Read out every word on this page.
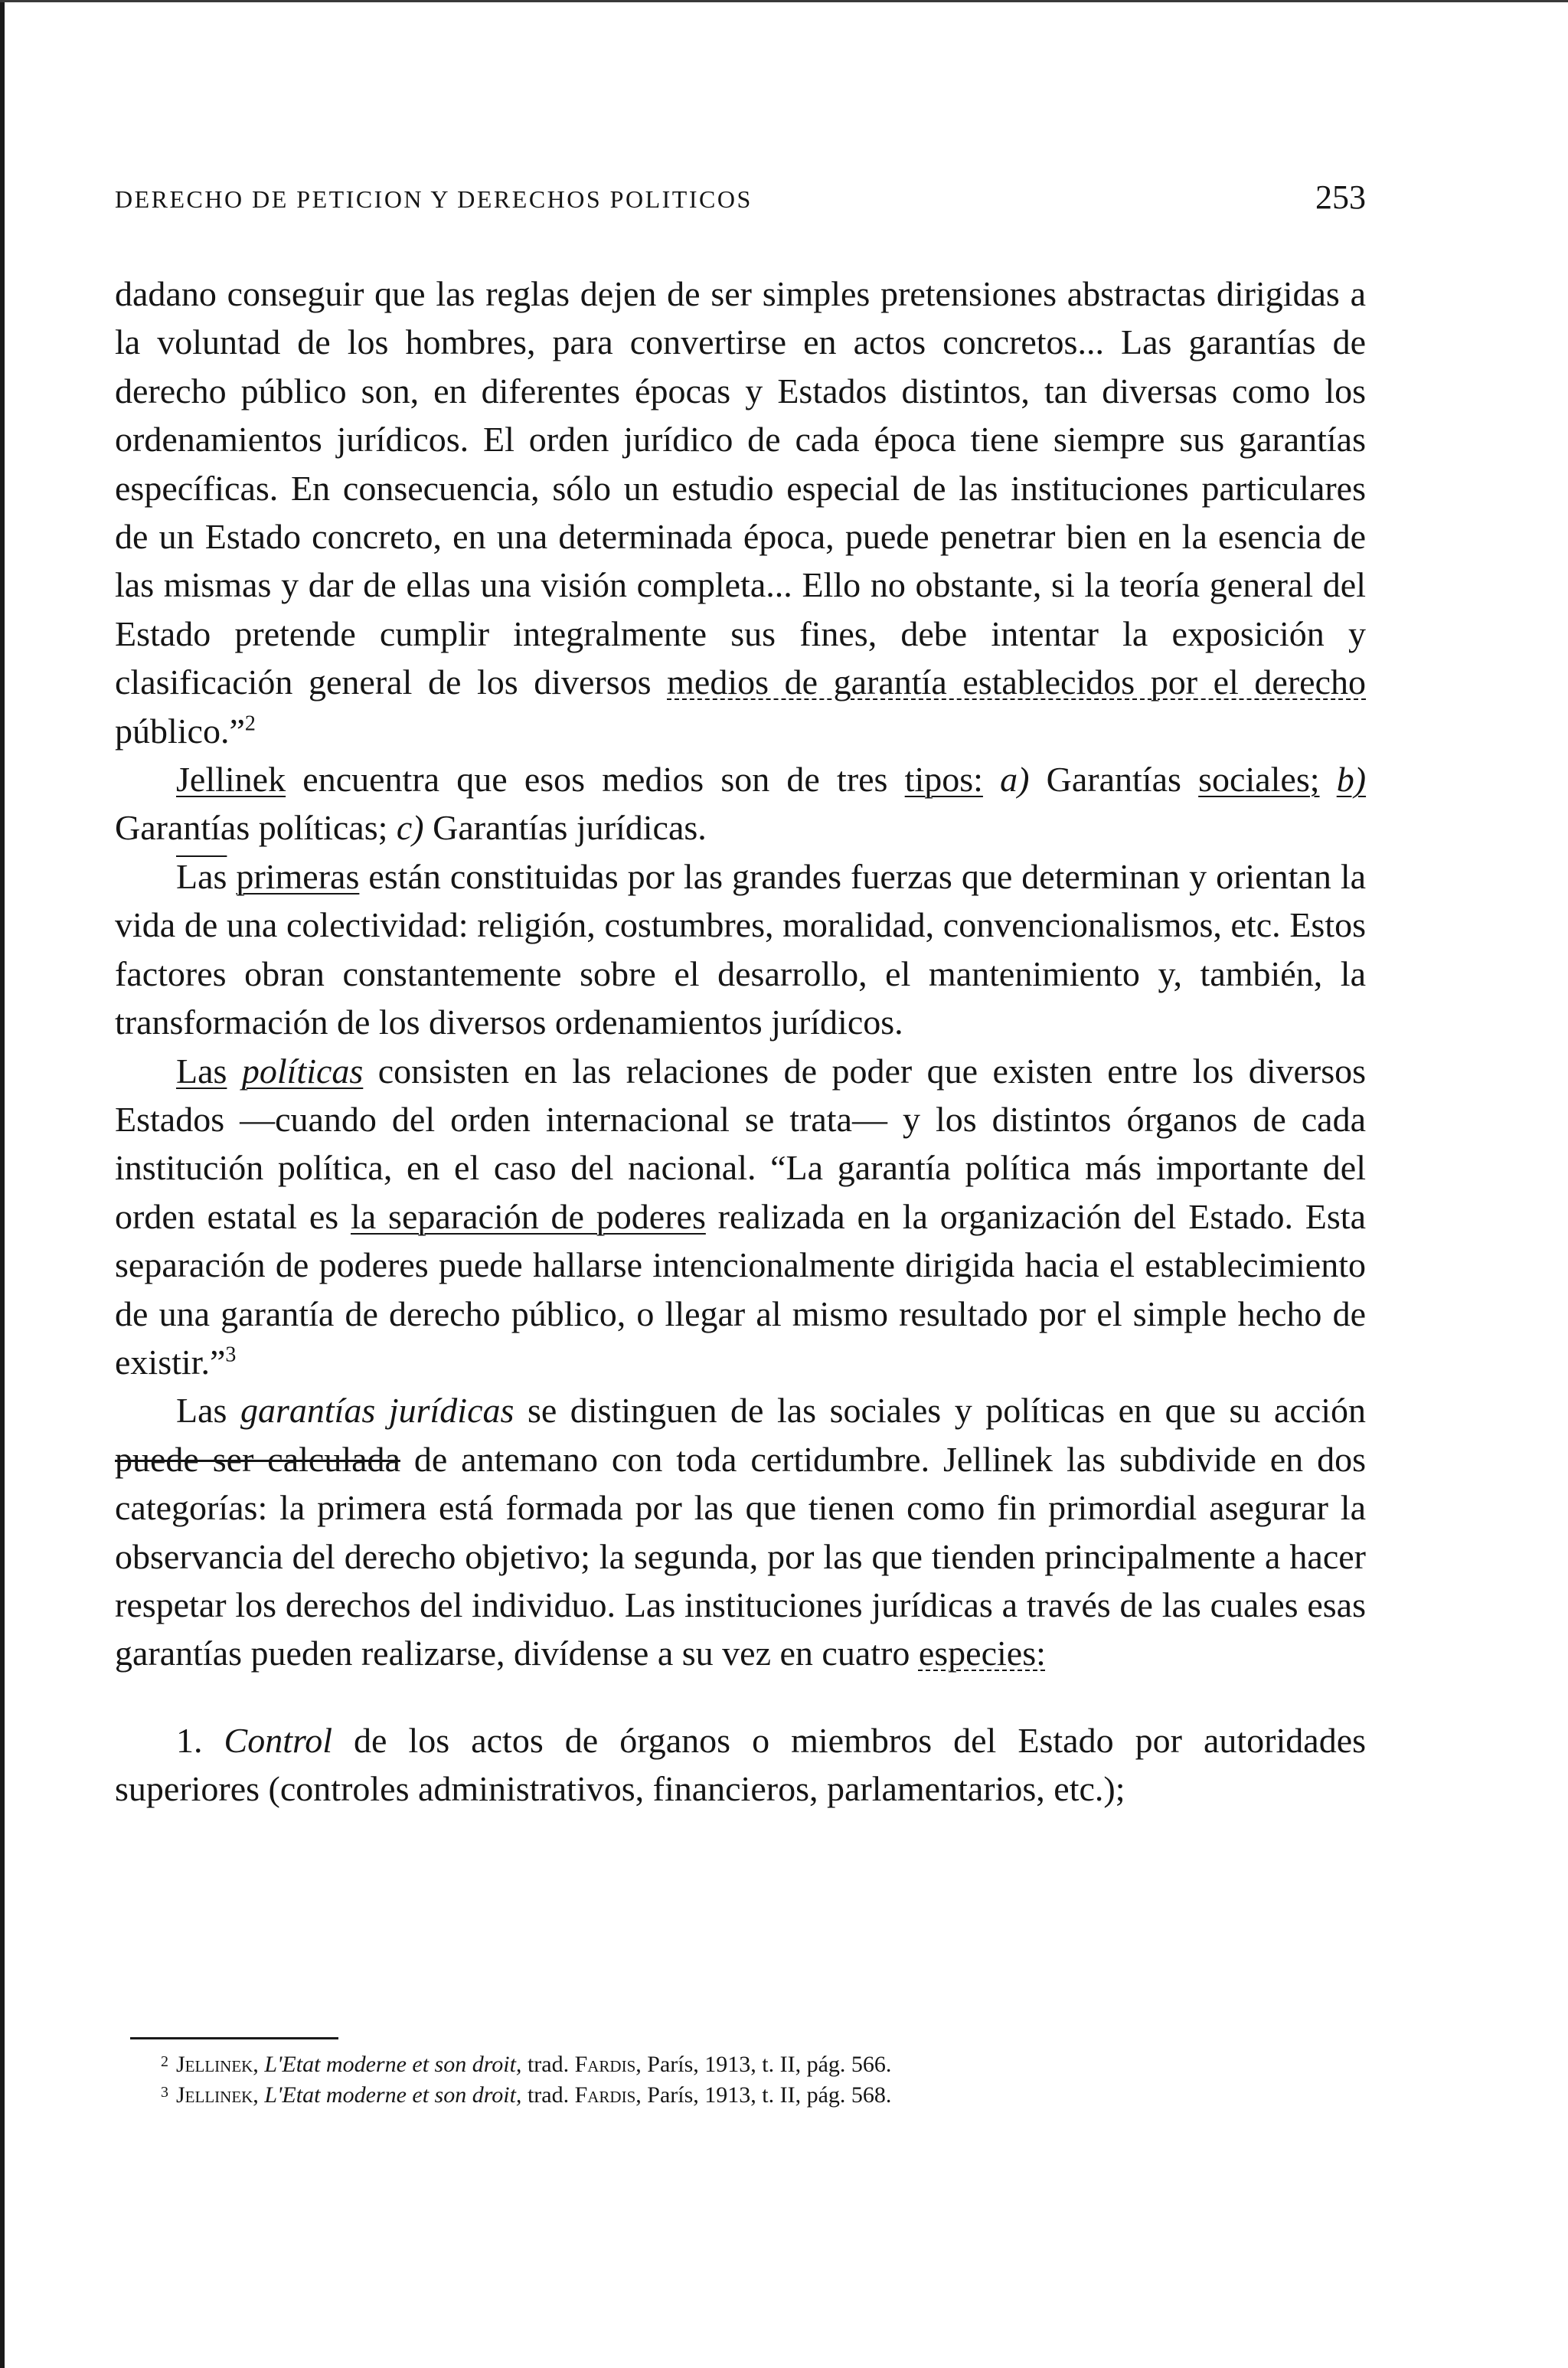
DERECHO DE PETICION Y DERECHOS POLITICOS	253

dadano conseguir que las reglas dejen de ser simples pretensiones abstractas dirigidas a la voluntad de los hombres, para convertirse en actos concretos... Las garantías de derecho público son, en diferentes épocas y Estados distintos, tan diversas como los ordenamientos jurídicos. El orden jurídico de cada época tiene siempre sus garantías específicas. En consecuencia, sólo un estudio especial de las instituciones particulares de un Estado concreto, en una determinada época, puede penetrar bien en la esencia de las mismas y dar de ellas una visión completa... Ello no obstante, si la teoría general del Estado pretende cumplir integralmente sus fines, debe intentar la exposición y clasificación general de los diversos medios de garantía establecidos por el derecho público.”$^2$

Jellinek encuentra que esos medios son de tres tipos: a) Garantías sociales; b) Garantías políticas; c) Garantías jurídicas.

$\overline{Las}$ primeras están constituidas por las grandes fuerzas que determinan y orientan la vida de una colectividad: religión, costumbres, moralidad, convencionalismos, etc. Estos factores obran constantemente sobre el desarrollo, el mantenimiento y, también, la transformación de los diversos ordenamientos jurídicos.

Las políticas consisten en las relaciones de poder que existen entre los diversos Estados —cuando del orden internacional se trata— y los distintos órganos de cada institución política, en el caso del nacional. “La garantía política más importante del orden estatal es la separación de poderes realizada en la organización del Estado. Esta separación de poderes puede hallarse intencionalmente dirigida hacia el establecimiento de una garantía de derecho público, o llegar al mismo resultado por el simple hecho de existir.”$^3$

Las garantías jurídicas se distinguen de las sociales y políticas en que su acción puede ser calculada de antemano con toda certidumbre. Jellinek las subdivide en dos categorías: la primera está formada por las que tienen como fin primordial asegurar la observancia del derecho objetivo; la segunda, por las que tienden principalmente a hacer respetar los derechos del individuo. Las instituciones jurídicas a través de las cuales esas garantías pueden realizarse, divídense a su vez en cuatro especies:

1. Control de los actos de órganos o miembros del Estado por autoridades superiores (controles administrativos, financieros, parlamentarios, etc.);

2 Jellinek, L'Etat moderne et son droit, trad. Fardis, París, 1913, t. II, pág. 566.
3 Jellinek, L'Etat moderne et son droit, trad. Fardis, París, 1913, t. II, pág. 568.
